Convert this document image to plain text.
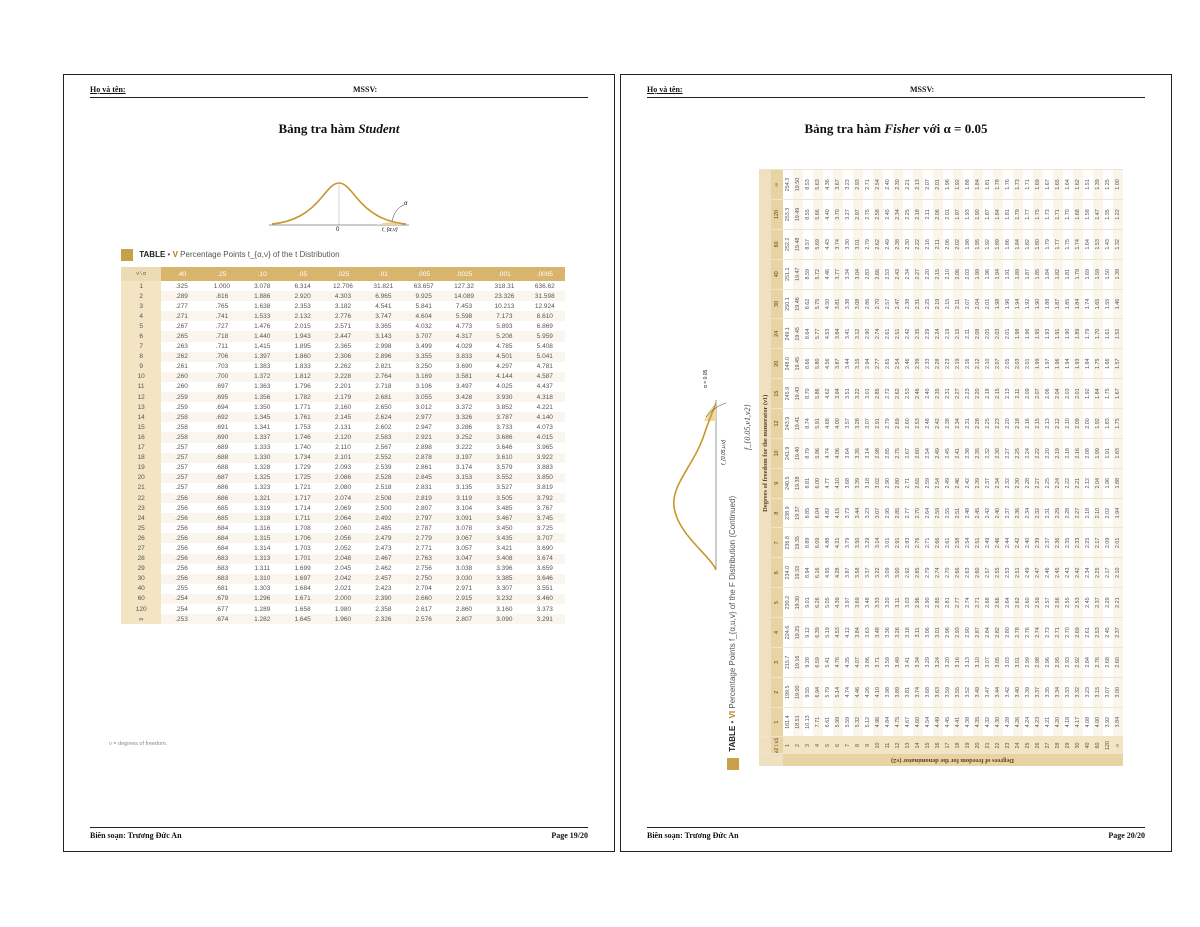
Họ và tên:	MSSV:
Bảng tra hàm Student
0	t_{α,ν}
α
TABLE • V Percentage Points t_{α,ν} of the t Distribution
ν \ α	.40	.25	.10	.05	.025	.01	.005	.0025	.001	.0005
1	.325	1.000	3.078	6.314	12.706	31.821	63.657	127.32	318.31	636.62
2	.289	.816	1.886	2.920	4.303	6.965	9.925	14.089	23.326	31.598
3	.277	.765	1.638	2.353	3.182	4.541	5.841	7.453	10.213	12.924
4	.271	.741	1.533	2.132	2.776	3.747	4.604	5.598	7.173	8.610
5	.267	.727	1.476	2.015	2.571	3.365	4.032	4.773	5.893	6.869
6	.265	.718	1.440	1.943	2.447	3.143	3.707	4.317	5.208	5.959
7	.263	.711	1.415	1.895	2.365	2.998	3.499	4.029	4.785	5.408
8	.262	.706	1.397	1.860	2.306	2.896	3.355	3.833	4.501	5.041
9	.261	.703	1.383	1.833	2.262	2.821	3.250	3.690	4.297	4.781
10	.260	.700	1.372	1.812	2.228	2.764	3.169	3.581	4.144	4.587
11	.260	.697	1.363	1.796	2.201	2.718	3.106	3.497	4.025	4.437
12	.259	.695	1.356	1.782	2.179	2.681	3.055	3.428	3.930	4.318
13	.259	.694	1.350	1.771	2.160	2.650	3.012	3.372	3.852	4.221
14	.258	.692	1.345	1.761	2.145	2.624	2.977	3.326	3.787	4.140
15	.258	.691	1.341	1.753	2.131	2.602	2.947	3.286	3.733	4.073
16	.258	.690	1.337	1.746	2.120	2.583	2.921	3.252	3.686	4.015
17	.257	.689	1.333	1.740	2.110	2.567	2.898	3.222	3.646	3.965
18	.257	.688	1.330	1.734	2.101	2.552	2.878	3.197	3.610	3.922
19	.257	.688	1.328	1.729	2.093	2.539	2.861	3.174	3.579	3.883
20	.257	.687	1.325	1.725	2.086	2.528	2.845	3.153	3.552	3.850
21	.257	.686	1.323	1.721	2.080	2.518	2.831	3.135	3.527	3.819
22	.256	.686	1.321	1.717	2.074	2.508	2.819	3.119	3.505	3.792
23	.256	.685	1.319	1.714	2.069	2.500	2.807	3.104	3.485	3.767
24	.256	.685	1.318	1.711	2.064	2.492	2.797	3.091	3.467	3.745
25	.256	.684	1.316	1.708	2.060	2.485	2.787	3.078	3.450	3.725
26	.256	.684	1.315	1.706	2.056	2.479	2.779	3.067	3.435	3.707
27	.256	.684	1.314	1.703	2.052	2.473	2.771	3.057	3.421	3.690
28	.256	.683	1.313	1.701	2.048	2.467	2.763	3.047	3.408	3.674
29	.256	.683	1.311	1.699	2.045	2.462	2.756	3.038	3.396	3.659
30	.256	.683	1.310	1.697	2.042	2.457	2.750	3.030	3.385	3.646
40	.255	.681	1.303	1.684	2.021	2.423	2.704	2.971	3.307	3.551
60	.254	.679	1.296	1.671	2.000	2.390	2.660	2.915	3.232	3.460
120	.254	.677	1.289	1.658	1.980	2.358	2.617	2.860	3.160	3.373
∞	.253	.674	1.282	1.645	1.960	2.326	2.576	2.807	3.090	3.291
ν = degrees of freedom.
Biên soạn: Trương Đức An	Page 19/20
Họ và tên:	MSSV:
Bảng tra hàm Fisher với α = 0.05
α = 0.05
f_{0.05,u,v}
TABLE • VI Percentage Points f_{α,u,v} of the F Distribution (Continued)
f_{0.05,ν1,ν2}
		Degrees of freedom for the numerator (ν1)																		
	ν2 \ ν1	1	2	3	4	5	6	7	8	9	10	12	15	20	24	30	40	60	120	∞

Degrees of freedom for the denominator (ν2)	1	161.4	199.5	215.7	224.6	230.2	234.0	236.8	238.9	240.5	241.9	243.9	245.9	248.0	249.1	250.1	251.1	252.2	253.3	254.3
	2	18.51	19.00	19.16	19.25	19.30	19.33	19.35	19.37	19.38	19.40	19.41	19.43	19.45	19.45	19.46	19.47	19.48	19.49	19.50
	3	10.13	9.55	9.28	9.12	9.01	8.94	8.89	8.85	8.81	8.79	8.74	8.70	8.66	8.64	8.62	8.59	8.57	8.55	8.53
	4	7.71	6.94	6.59	6.39	6.26	6.16	6.09	6.04	6.00	5.96	5.91	5.86	5.80	5.77	5.75	5.72	5.69	5.66	5.63
	5	6.61	5.79	5.41	5.19	5.05	4.95	4.88	4.82	4.77	4.74	4.68	4.62	4.56	4.53	4.50	4.46	4.43	4.40	4.36
	6	5.99	5.14	4.76	4.53	4.39	4.28	4.21	4.15	4.10	4.06	4.00	3.94	3.87	3.84	3.81	3.77	3.74	3.70	3.67
	7	5.59	4.74	4.35	4.12	3.97	3.87	3.79	3.73	3.68	3.64	3.57	3.51	3.44	3.41	3.38	3.34	3.30	3.27	3.23
	8	5.32	4.46	4.07	3.84	3.69	3.58	3.50	3.44	3.39	3.35	3.28	3.22	3.15	3.12	3.08	3.04	3.01	2.97	2.93
	9	5.12	4.26	3.86	3.63	3.48	3.37	3.29	3.23	3.18	3.14	3.07	3.01	2.94	2.90	2.86	2.83	2.79	2.75	2.71
	10	4.96	4.10	3.71	3.48	3.33	3.22	3.14	3.07	3.02	2.98	2.91	2.85	2.77	2.74	2.70	2.66	2.62	2.58	2.54
	11	4.84	3.98	3.59	3.36	3.20	3.09	3.01	2.95	2.90	2.85	2.79	2.72	2.65	2.61	2.57	2.53	2.49	2.45	2.40
	12	4.75	3.89	3.49	3.26	3.11	3.00	2.91	2.85	2.80	2.75	2.69	2.62	2.54	2.51	2.47	2.43	2.38	2.34	2.30
	13	4.67	3.81	3.41	3.18	3.03	2.92	2.83	2.77	2.71	2.67	2.60	2.53	2.46	2.42	2.38	2.34	2.30	2.25	2.21
	14	4.60	3.74	3.34	3.11	2.96	2.85	2.76	2.70	2.65	2.60	2.53	2.46	2.39	2.35	2.31	2.27	2.22	2.18	2.13
	15	4.54	3.68	3.29	3.06	2.90	2.79	2.71	2.64	2.59	2.54	2.48	2.40	2.33	2.29	2.25	2.20	2.16	2.11	2.07
	16	4.49	3.63	3.24	3.01	2.85	2.74	2.66	2.59	2.54	2.49	2.42	2.35	2.28	2.24	2.19	2.15	2.11	2.06	2.01
	17	4.45	3.59	3.20	2.96	2.81	2.70	2.61	2.55	2.49	2.45	2.38	2.31	2.23	2.19	2.15	2.10	2.06	2.01	1.96
	18	4.41	3.55	3.16	2.93	2.77	2.66	2.58	2.51	2.46	2.41	2.34	2.27	2.19	2.15	2.11	2.06	2.02	1.97	1.92
	19	4.38	3.52	3.13	2.90	2.74	2.63	2.54	2.48	2.42	2.38	2.31	2.23	2.16	2.11	2.07	2.03	1.98	1.93	1.88
	20	4.35	3.49	3.10	2.87	2.71	2.60	2.51	2.45	2.39	2.35	2.28	2.20	2.12	2.08	2.04	1.99	1.95	1.90	1.84
	21	4.32	3.47	3.07	2.84	2.68	2.57	2.49	2.42	2.37	2.32	2.25	2.18	2.10	2.05	2.01	1.96	1.92	1.87	1.81
	22	4.30	3.44	3.05	2.82	2.66	2.55	2.46	2.40	2.34	2.30	2.23	2.15	2.07	2.03	1.98	1.94	1.89	1.84	1.78
	23	4.28	3.42	3.03	2.80	2.64	2.53	2.44	2.37	2.32	2.27	2.20	2.13	2.05	2.01	1.96	1.91	1.86	1.81	1.76
	24	4.26	3.40	3.01	2.78	2.62	2.51	2.42	2.36	2.30	2.25	2.18	2.11	2.03	1.98	1.94	1.89	1.84	1.79	1.73
	25	4.24	3.39	2.99	2.76	2.60	2.49	2.40	2.34	2.28	2.24	2.16	2.09	2.01	1.96	1.92	1.87	1.82	1.77	1.71
	26	4.23	3.37	2.98	2.74	2.59	2.47	2.39	2.32	2.27	2.22	2.15	2.07	1.99	1.95	1.90	1.85	1.80	1.75	1.69
	27	4.21	3.35	2.96	2.73	2.57	2.46	2.37	2.31	2.25	2.20	2.13	2.06	1.97	1.93	1.88	1.84	1.79	1.73	1.67
	28	4.20	3.34	2.95	2.71	2.56	2.45	2.36	2.29	2.24	2.19	2.12	2.04	1.96	1.91	1.87	1.82	1.77	1.71	1.65
	29	4.18	3.33	2.93	2.70	2.55	2.43	2.35	2.28	2.22	2.18	2.10	2.03	1.94	1.90	1.85	1.81	1.75	1.70	1.64
	30	4.17	3.32	2.92	2.69	2.53	2.42	2.33	2.27	2.21	2.16	2.09	2.01	1.93	1.89	1.84	1.79	1.74	1.68	1.62
	40	4.08	3.23	2.84	2.61	2.45	2.34	2.25	2.18	2.12	2.08	2.00	1.92	1.84	1.79	1.74	1.69	1.64	1.58	1.51
	60	4.00	3.15	2.76	2.53	2.37	2.25	2.17	2.10	2.04	1.99	1.92	1.84	1.75	1.70	1.65	1.59	1.53	1.47	1.39
	120	3.92	3.07	2.68	2.45	2.29	2.17	2.09	2.02	1.96	1.91	1.83	1.75	1.66	1.61	1.55	1.50	1.43	1.35	1.25
	∞	3.84	3.00	2.60	2.37	2.21	2.10	2.01	1.94	1.88	1.83	1.75	1.67	1.57	1.52	1.46	1.39	1.32	1.22	1.00
Biên soạn: Trương Đức An	Page 20/20
